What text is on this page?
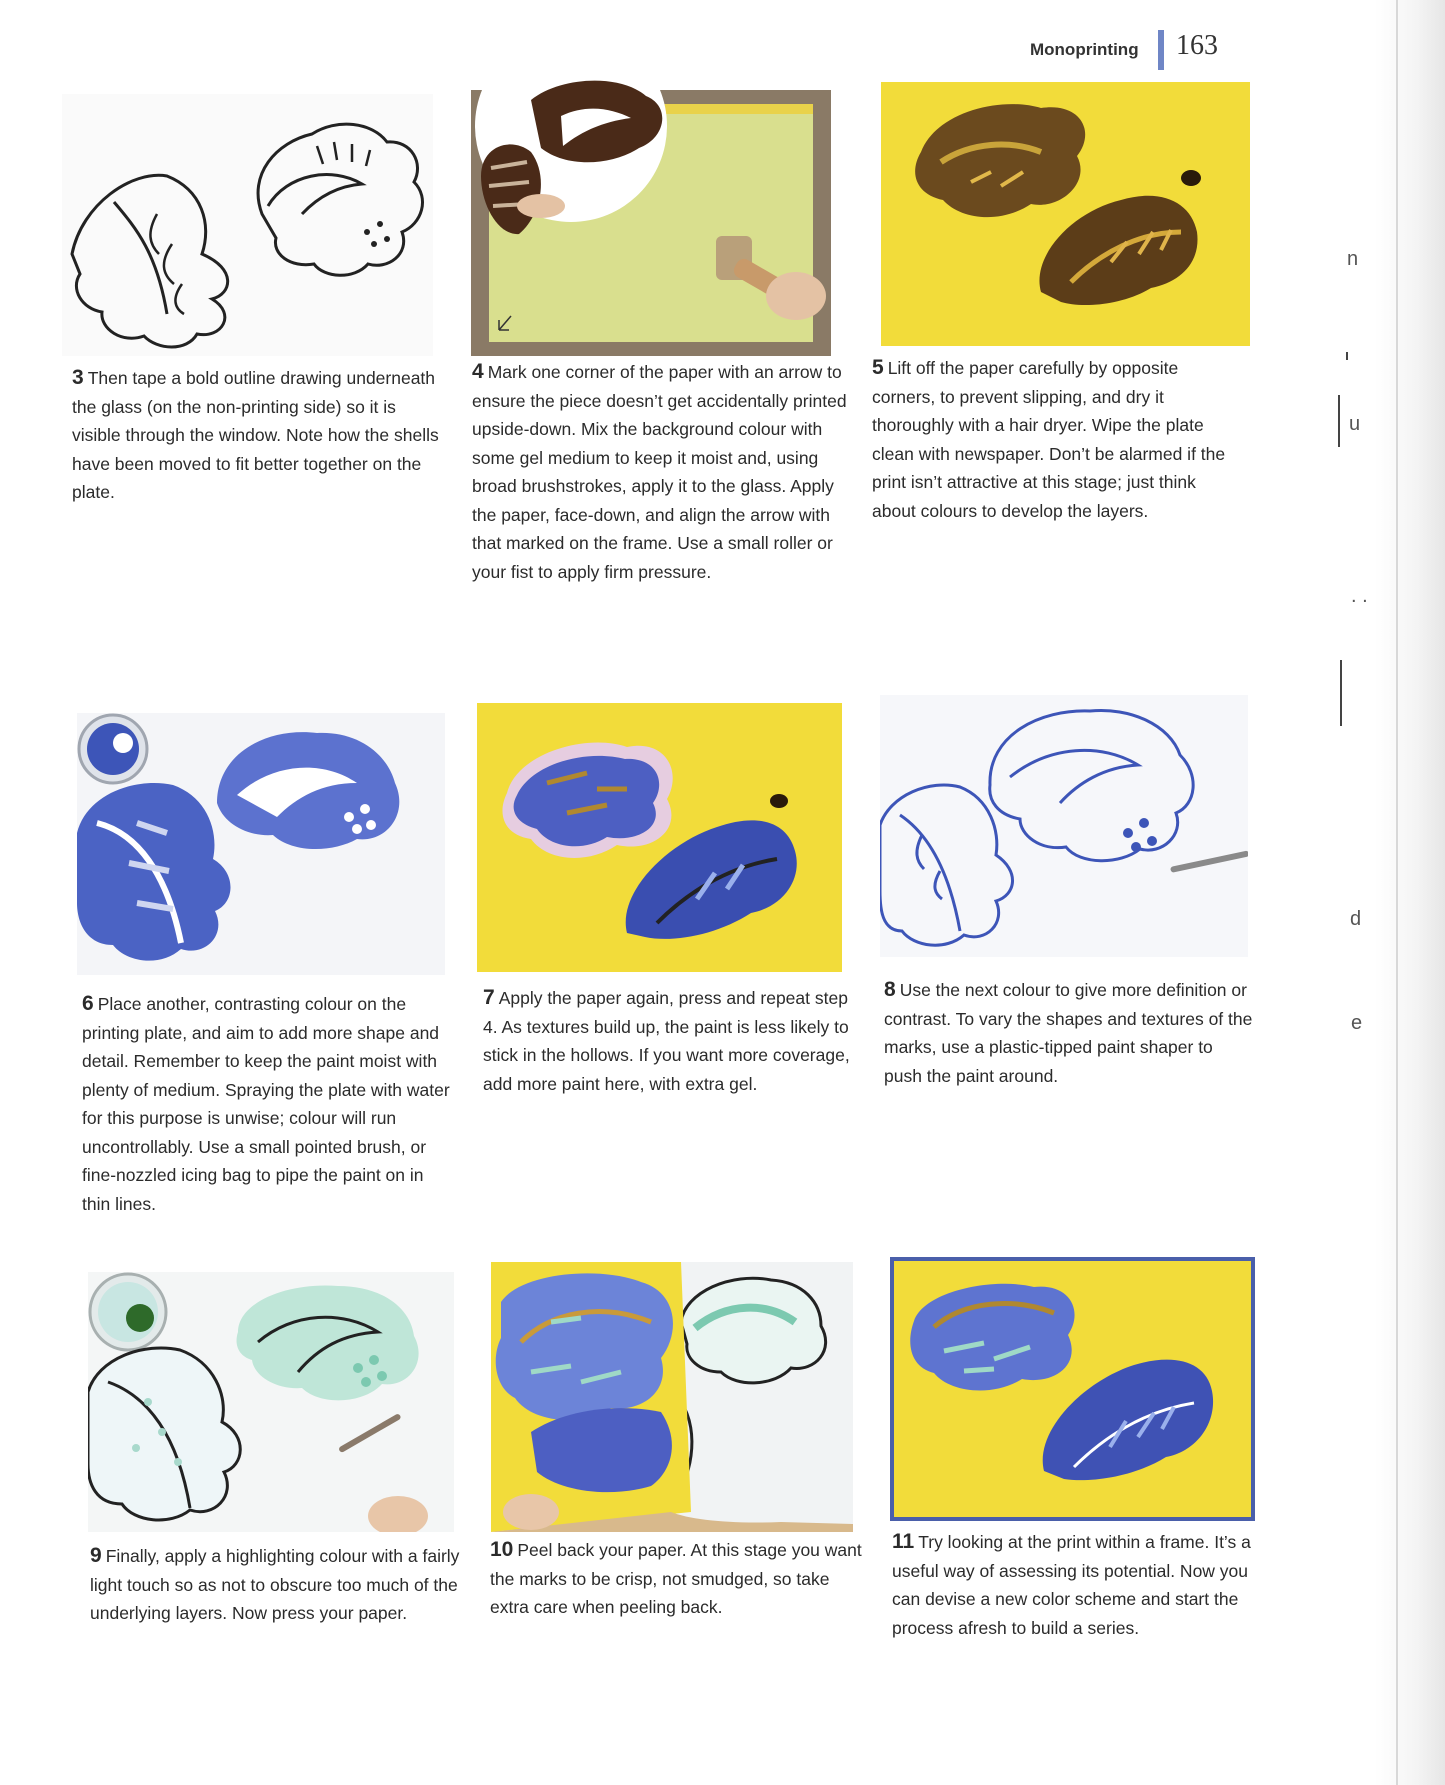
n
u
. .
d
e
Monoprinting 163

3 Then tape a bold outline drawing underneath the glass (on the non-printing side) so it is visible through the window. Note how the shells have been moved to fit better together on the plate.

4 Mark one corner of the paper with an arrow to ensure the piece doesn’t get accidentally printed upside-down. Mix the background colour with some gel medium to keep it moist and, using broad brushstrokes, apply it to the glass. Apply the paper, face-down, and align the arrow with that marked on the frame. Use a small roller or your fist to apply firm pressure.

5 Lift off the paper carefully by opposite corners, to prevent slipping, and dry it thoroughly with a hair dryer. Wipe the plate clean with newspaper. Don’t be alarmed if the print isn’t attractive at this stage; just think about colours to develop the layers.

6 Place another, contrasting colour on the printing plate, and aim to add more shape and detail. Remember to keep the paint moist with plenty of medium. Spraying the plate with water for this purpose is unwise; colour will run uncontrollably. Use a small pointed brush, or fine-nozzled icing bag to pipe the paint on in thin lines.

7 Apply the paper again, press and repeat step 4. As textures build up, the paint is less likely to stick in the hollows. If you want more coverage, add more paint here, with extra gel.

8 Use the next colour to give more definition or contrast. To vary the shapes and textures of the marks, use a plastic-tipped paint shaper to push the paint around.

9 Finally, apply a highlighting colour with a fairly light touch so as not to obscure too much of the underlying layers. Now press your paper.

10 Peel back your paper. At this stage you want the marks to be crisp, not smudged, so take extra care when peeling back.

11 Try looking at the print within a frame. It’s a useful way of assessing its potential. Now you can devise a new color scheme and start the process afresh to build a series.
